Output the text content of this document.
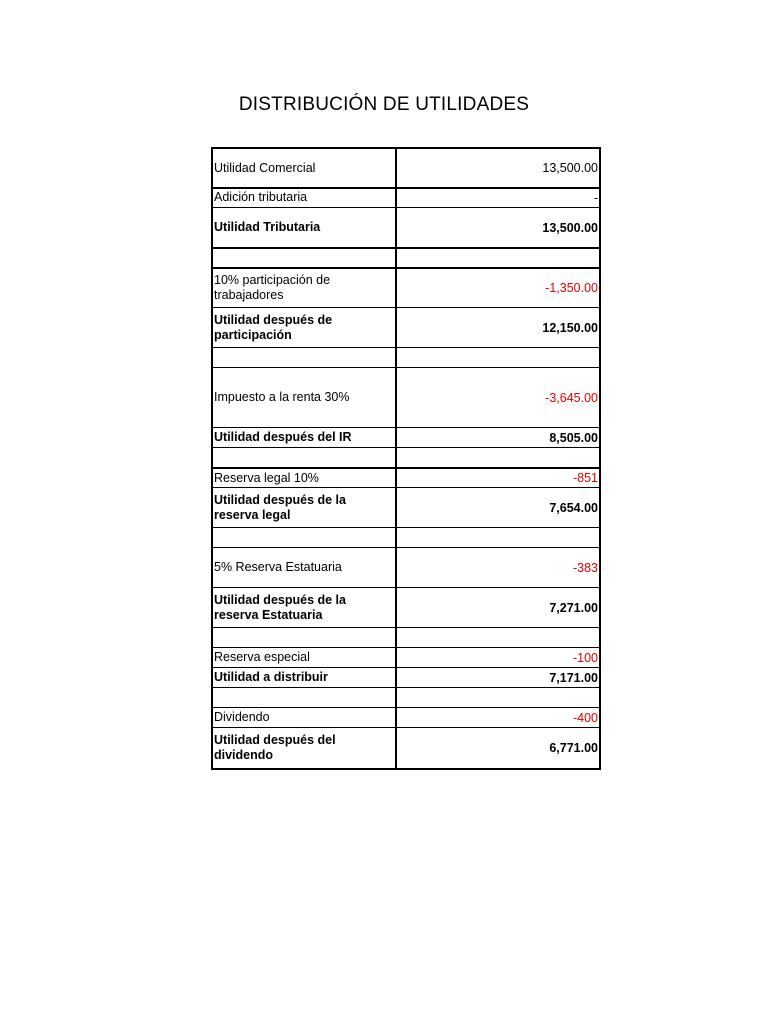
DISTRIBUCIÓN DE UTILIDADES
Utilidad Comercial	13,500.00
Adición tributaria	-
Utilidad Tributaria	13,500.00
10% participación de trabajadores	-1,350.00
Utilidad después de participación	12,150.00
Impuesto a la renta 30%	-3,645.00
Utilidad después del IR	8,505.00
Reserva legal 10%	-851
Utilidad después de la reserva legal	7,654.00
5% Reserva Estatuaria	-383
Utilidad después de la reserva Estatuaria	7,271.00
Reserva especial	-100
Utilidad a distribuir	7,171.00
Dividendo	-400
Utilidad después del dividendo	6,771.00
